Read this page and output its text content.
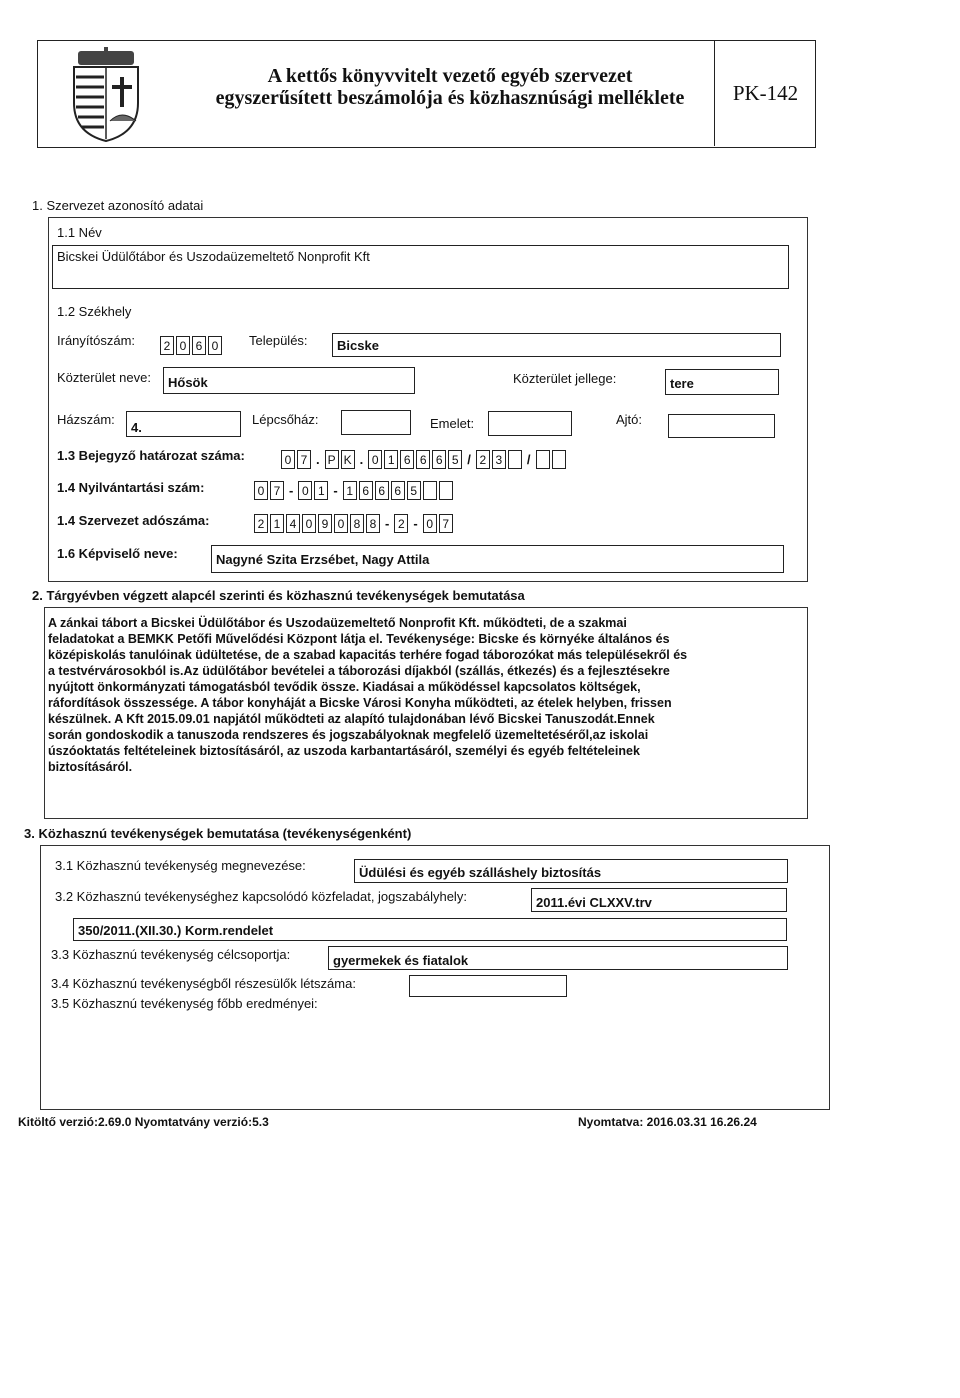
A kettős könyvvitelt vezető egyéb szervezet
egyszerűsített beszámolója és közhasznúsági melléklete	PK-142
1. Szervezet azonosító adatai
1.1 Név
Bicskei Üdülőtábor és Uszodaüzemeltető Nonprofit Kft
1.2 Székhely
Irányítószám:	2 0 6 0 Település:	Bicske
Közterület neve:	Hősök	Közterület jellege:	tere
Házszám:
4.
Lépcsőház:	Emelet:	Ajtó:
1.3 Bejegyző határozat száma:	0 7 . P K . 0 1 6 6 6 5 / 2 3 /
1.4 Nyilvántartási szám:	0 7 - 0 1 - 1 6 6 6 5
1.4 Szervezet adószáma:	2 1 4 0 9 0 8 8 - 2 - 0 7
1.6 Képviselő neve:	Nagyné Szita Erzsébet, Nagy Attila
2. Tárgyévben végzett alapcél szerinti és közhasznú tevékenységek bemutatása
A zánkai tábort a Bicskei Üdülőtábor és Uszodaüzemeltető Nonprofit Kft. működteti, de a szakmai
feladatokat a BEMKK Petőfi Művelődési Központ látja el. Tevékenysége: Bicske és környéke általános és
középiskolás tanulóinak üdültetése, de a szabad kapacitás terhére fogad táborozókat más településekről és
a testvérvárosokból is.Az üdülőtábor bevételei a táborozási díjakból (szállás, étkezés) és a fejlesztésekre
nyújtott önkormányzati támogatásból tevődik össze. Kiadásai a működéssel kapcsolatos költségek,
ráfordítások összessége. A tábor konyháját a Bicske Városi Konyha működteti, az ételek helyben, frissen
készülnek. A Kft 2015.09.01 napjától működteti az alapító tulajdonában lévő Bicskei Tanuszodát.Ennek
során gondoskodik a tanuszoda rendszeres és jogszabályoknak megfelelő üzemeltetéséről,az iskolai
úszóoktatás feltételeinek biztosításáról, az uszoda karbantartásáról, személyi és egyéb feltételeinek
biztosításáról.
3. Közhasznú tevékenységek bemutatása (tevékenységenként)
3.1 Közhasznú tevékenység megnevezése:	Üdülési és egyéb szálláshely biztosítás
3.2 Közhasznú tevékenységhez kapcsolódó közfeladat, jogszabályhely:	2011.évi CLXXV.trv
350/2011.(XII.30.) Korm.rendelet
3.3 Közhasznú tevékenység célcsoportja:	gyermekek és fiatalok
3.4 Közhasznú tevékenységből részesülők létszáma:
3.5 Közhasznú tevékenység főbb eredményei:
Kitöltő verzió:2.69.0 Nyomtatvány verzió:5.3	Nyomtatva: 2016.03.31 16.26.24
